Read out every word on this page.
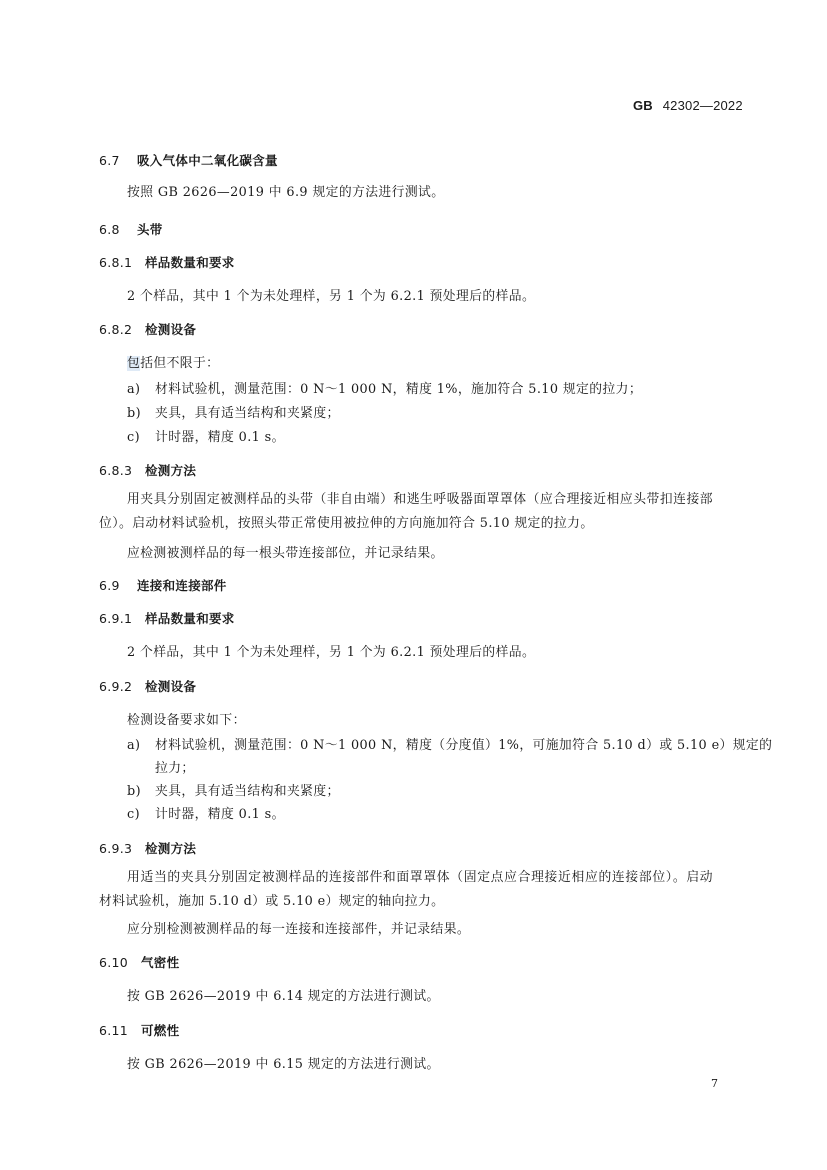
GB 42302—2022
6.7 吸入气体中二氧化碳含量
按照 GB 2626—2019 中 6.9 规定的方法进行测试。
6.8 头带
6.8.1 样品数量和要求
2 个样品，其中 1 个为未处理样，另 1 个为 6.2.1 预处理后的样品。
6.8.2 检测设备
包括但不限于：
a) 材料试验机，测量范围：0 N～1 000 N，精度 1%，施加符合 5.10 规定的拉力；
b) 夹具，具有适当结构和夹紧度；
c) 计时器，精度 0.1 s。
6.8.3 检测方法
用夹具分别固定被测样品的头带（非自由端）和逃生呼吸器面罩罩体（应合理接近相应头带扣连接部位）。启动材料试验机，按照头带正常使用被拉伸的方向施加符合 5.10 规定的拉力。
应检测被测样品的每一根头带连接部位，并记录结果。
6.9 连接和连接部件
6.9.1 样品数量和要求
2 个样品，其中 1 个为未处理样，另 1 个为 6.2.1 预处理后的样品。
6.9.2 检测设备
检测设备要求如下：
a) 材料试验机，测量范围：0 N～1 000 N，精度（分度值）1%，可施加符合 5.10 d）或 5.10 e）规定的
拉力；
b) 夹具，具有适当结构和夹紧度；
c) 计时器，精度 0.1 s。
6.9.3 检测方法
用适当的夹具分别固定被测样品的连接部件和面罩罩体（固定点应合理接近相应的连接部位）。启动材料试验机，施加 5.10 d）或 5.10 e）规定的轴向拉力。
应分别检测被测样品的每一连接和连接部件，并记录结果。
6.10 气密性
按 GB 2626—2019 中 6.14 规定的方法进行测试。
6.11 可燃性
按 GB 2626—2019 中 6.15 规定的方法进行测试。
7
